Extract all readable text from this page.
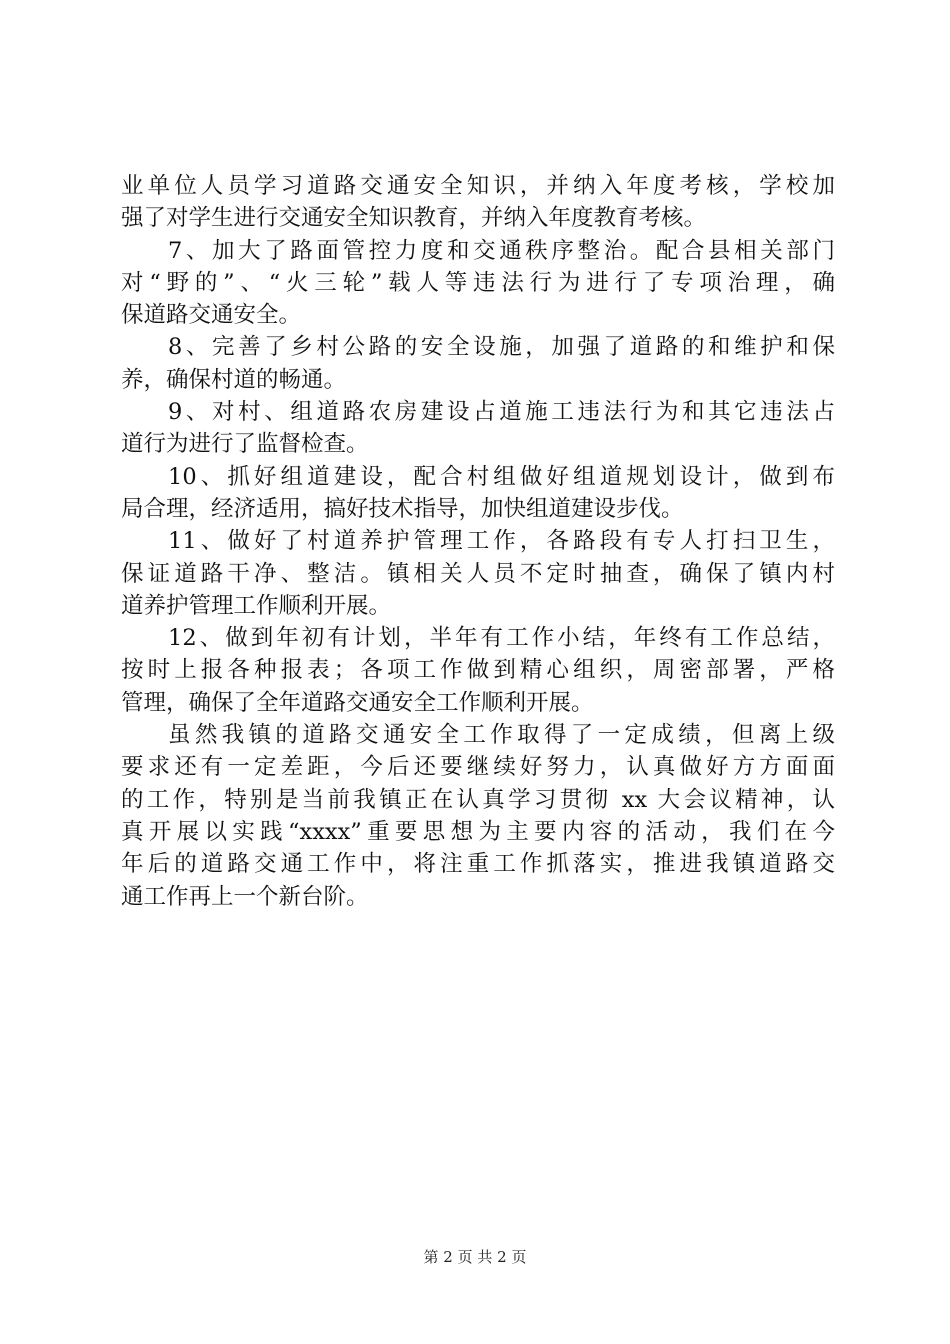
业单位人员学习道路交通安全知识，并纳入年度考核，学校加
强了对学生进行交通安全知识教育，并纳入年度教育考核。
7、加大了路面管控力度和交通秩序整治。配合县相关部门
对“野的”、“火三轮”载人等违法行为进行了专项治理，确
保道路交通安全。
8、完善了乡村公路的安全设施，加强了道路的和维护和保
养，确保村道的畅通。
9、对村、组道路农房建设占道施工违法行为和其它违法占
道行为进行了监督检查。
10、抓好组道建设，配合村组做好组道规划设计，做到布
局合理，经济适用，搞好技术指导，加快组道建设步伐。
11、做好了村道养护管理工作，各路段有专人打扫卫生，
保证道路干净、整洁。镇相关人员不定时抽查，确保了镇内村
道养护管理工作顺利开展。
12、做到年初有计划，半年有工作小结，年终有工作总结，
按时上报各种报表；各项工作做到精心组织，周密部署，严格
管理，确保了全年道路交通安全工作顺利开展。
虽然我镇的道路交通安全工作取得了一定成绩，但离上级
要求还有一定差距，今后还要继续好努力，认真做好方方面面
的工作，特别是当前我镇正在认真学习贯彻 xx 大会议精神，认
真开展以实践“xxxx”重要思想为主要内容的活动，我们在今
年后的道路交通工作中，将注重工作抓落实，推进我镇道路交
通工作再上一个新台阶。
第 2 页 共 2 页
